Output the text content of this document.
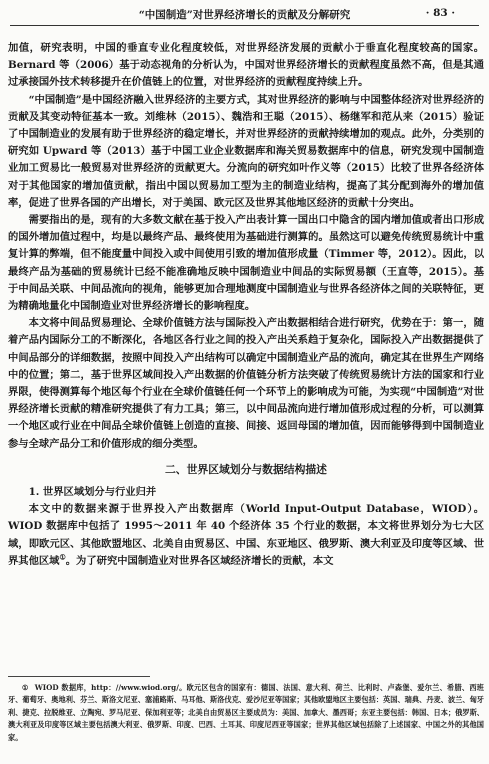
“中国制造”对世界经济增长的贡献及分解研究	· 83 ·

加值，研究表明，中国的垂直专业化程度较低，对世界经济发展的贡献小于垂直化程度较高的国家。Bernard 等（2006）基于动态视角的分析认为，中国对世界经济增长的贡献程度虽然不高，但是其通过承接国外技术转移提升在价值链上的位置，对世界经济的贡献程度持续上升。

“中国制造”是中国经济融入世界经济的主要方式，其对世界经济的影响与中国整体经济对世界经济的贡献及其变动特征基本一致。刘维林（2015）、魏浩和王聪（2015）、杨继军和范从来（2015）验证了中国制造业的发展有助于世界经济的稳定增长，并对世界经济的贡献持续增加的观点。此外，分类别的研究如 Upward 等（2013）基于中国工业企业数据库和海关贸易数据库中的信息，研究发现中国制造业加工贸易比一般贸易对世界经济的贡献更大。分流向的研究如叶作义等（2015）比较了世界各经济体对于其他国家的增加值贡献，指出中国以贸易加工型为主的制造业结构，提高了其分配到海外的增加值率，促进了世界各国的产出增长，对于美国、欧元区及世界其他地区经济的贡献十分突出。

需要指出的是，现有的大多数文献在基于投入产出表计算一国出口中隐含的国内增加值或者出口形成的国外增加值过程中，均是以最终产品、最终使用为基础进行测算的。虽然这可以避免传统贸易统计中重复计算的弊端，但不能度量中间投入或中间使用引致的增加值形成量（Timmer 等，2012）。因此，以最终产品为基础的贸易统计已经不能准确地反映中国制造业中间品的实际贸易额（王直等，2015）。基于中间品关联、中间品流向的视角，能够更加合理地测度中国制造业与世界各经济体之间的关联特征，更为精确地量化中国制造业对世界经济增长的影响程度。

本文将中间品贸易理论、全球价值链方法与国际投入产出数据相结合进行研究，优势在于：第一，随着产品内国际分工的不断深化，各地区各行业之间的投入产出关系趋于复杂化，国际投入产出数据提供了中间品部分的详细数据，按照中间投入产出结构可以确定中国制造业产品的流向，确定其在世界生产网络中的位置；第二，基于世界区域间投入产出数据的价值链分析方法突破了传统贸易统计方法的国家和行业界限，使得测算每个地区每个行业在全球价值链任何一个环节上的影响成为可能，为实现“中国制造”对世界经济增长贡献的精准研究提供了有力工具；第三，以中间品流向进行增加值形成过程的分析，可以测算一个地区或行业在中间品全球价值链上创造的直接、间接、返回母国的增加值，因而能够得到中国制造业参与全球产品分工和价值形成的细分类型。

二、世界区域划分与数据结构描述

1. 世界区域划分与行业归并

本文中的数据来源于世界投入产出数据库（World Input-Output Database，WIOD）。WIOD 数据库中包括了 1995～2011 年 40 个经济体 35 个行业的数据，本文将世界划分为七大区域，即欧元区、其他欧盟地区、北美自由贸易区、中国、东亚地区、俄罗斯、澳大利亚及印度等区域、世界其他区域①。为了研究中国制造业对世界各区域经济增长的贡献，本文

① WIOD 数据库，http：//www.wiod.org/。欧元区包含的国家有：德国、法国、意大利、荷兰、比利时、卢森堡、爱尔兰、希腊、西班牙、葡萄牙、奥地利、芬兰、斯洛文尼亚、塞浦路斯、马耳他、斯洛伐克、爱沙尼亚等国家；其他欧盟地区主要包括：英国、瑞典、丹麦、波兰、匈牙利、捷克、拉脱维亚、立陶宛、罗马尼亚、保加利亚等；北美自由贸易区主要成员为：美国、加拿大、墨西哥；东亚主要包括：韩国、日本；俄罗斯、澳大利亚及印度等区域主要包括澳大利亚、俄罗斯、印度、巴西、土耳其、印度尼西亚等国家；世界其他区域包括除了上述国家、中国之外的其他国家。
